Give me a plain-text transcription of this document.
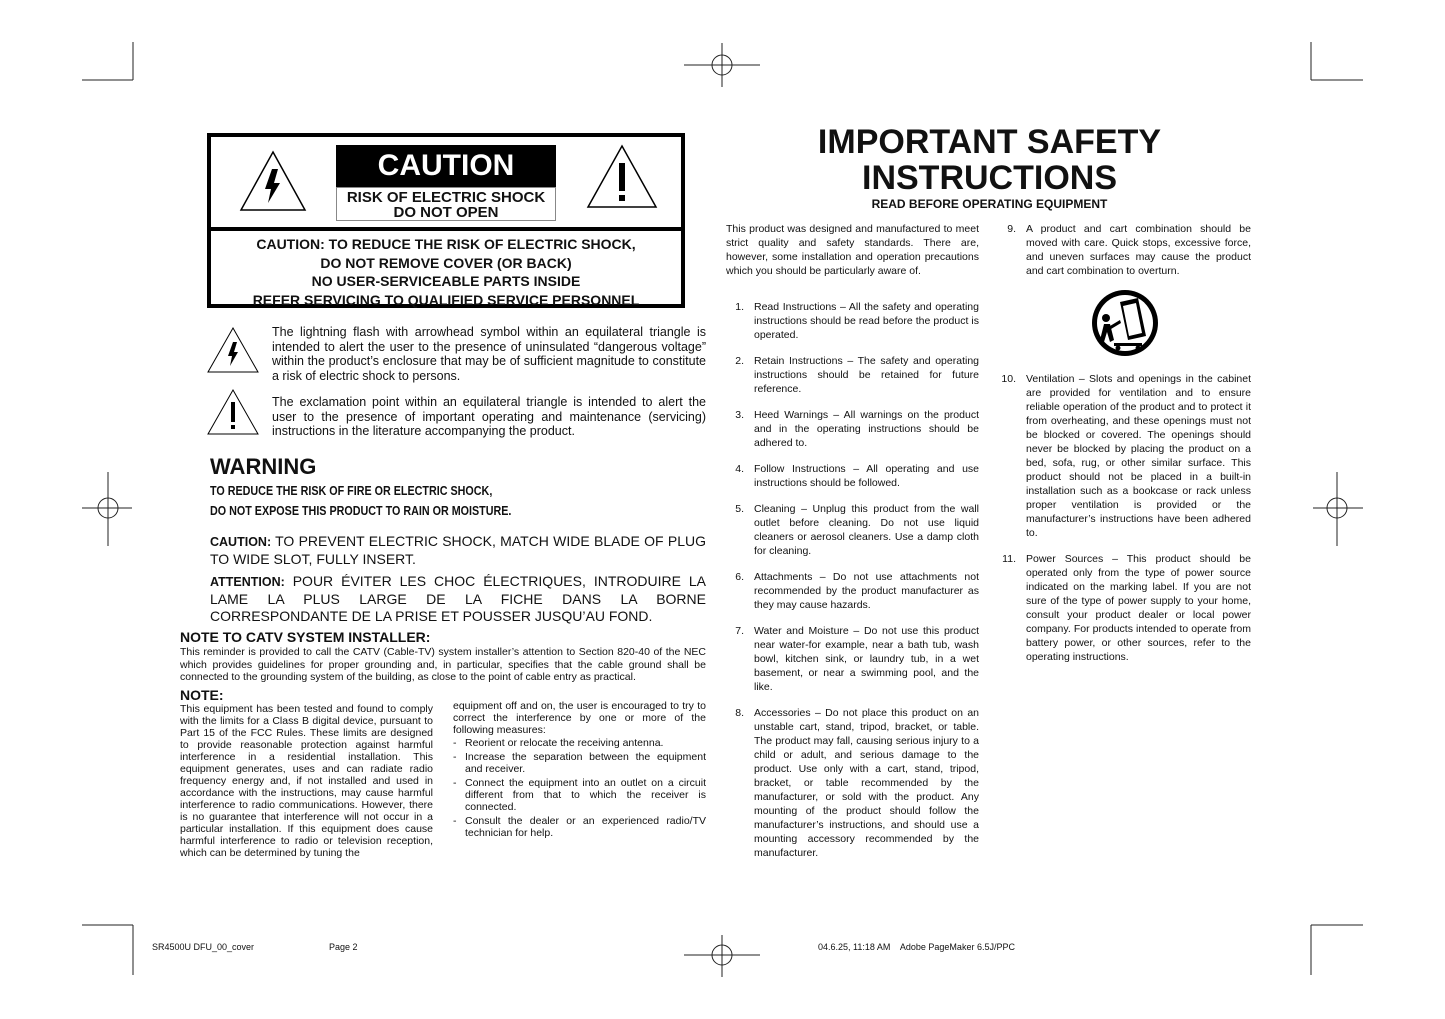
CAUTION
RISK OF ELECTRIC SHOCK
DO NOT OPEN
CAUTION: TO REDUCE THE RISK OF ELECTRIC SHOCK,
DO NOT REMOVE COVER (OR BACK)
NO USER-SERVICEABLE PARTS INSIDE
REFER SERVICING TO QUALIFIED SERVICE PERSONNEL
The lightning flash with arrowhead symbol within an equilateral triangle is intended to alert the user to the presence of uninsulated “dangerous voltage” within the product’s enclosure that may be of sufficient magnitude to constitute a risk of electric shock to persons.
The exclamation point within an equilateral triangle is intended to alert the user to the presence of important operating and maintenance (servicing) instructions in the literature accompanying the product.
WARNING
TO REDUCE THE RISK OF FIRE OR ELECTRIC SHOCK,
DO NOT EXPOSE THIS PRODUCT TO RAIN OR MOISTURE.
CAUTION: TO PREVENT ELECTRIC SHOCK, MATCH WIDE BLADE OF PLUG TO WIDE SLOT, FULLY INSERT.
ATTENTION: POUR ÉVITER LES CHOC ÉLECTRIQUES, INTRODUIRE LA LAME LA PLUS LARGE DE LA FICHE DANS LA BORNE CORRESPONDANTE DE LA PRISE ET POUSSER JUSQU’AU FOND.
NOTE TO CATV SYSTEM INSTALLER:
This reminder is provided to call the CATV (Cable-TV) system installer’s attention to Section 820-40 of the NEC which provides guidelines for proper grounding and, in particular, specifies that the cable ground shall be connected to the grounding system of the building, as close to the point of cable entry as practical.
NOTE:
This equipment has been tested and found to comply with the limits for a Class B digital device, pursuant to Part 15 of the FCC Rules. These limits are designed to provide reasonable protection against harmful interference in a residential installation. This equipment generates, uses and can radiate radio frequency energy and, if not installed and used in accordance with the instructions, may cause harmful interference to radio communications. However, there is no guarantee that interference will not occur in a particular installation. If this equipment does cause harmful interference to radio or television reception, which can be determined by tuning the
equipment off and on, the user is encouraged to try to correct the interference by one or more of the following measures:
- Reorient or relocate the receiving antenna.
- Increase the separation between the equipment and receiver.
- Connect the equipment into an outlet on a circuit different from that to which the receiver is connected.
- Consult the dealer or an experienced radio/TV technician for help.
IMPORTANT SAFETY
INSTRUCTIONS
READ BEFORE OPERATING EQUIPMENT
This product was designed and manufactured to meet strict quality and safety standards. There are, however, some installation and operation precautions which you should be particularly aware of.
1. Read Instructions – All the safety and operating instructions should be read before the product is operated.
2. Retain Instructions – The safety and operating instructions should be retained for future reference.
3. Heed Warnings – All warnings on the product and in the operating instructions should be adhered to.
4. Follow Instructions – All operating and use instructions should be followed.
5. Cleaning – Unplug this product from the wall outlet before cleaning. Do not use liquid cleaners or aerosol cleaners. Use a damp cloth for cleaning.
6. Attachments – Do not use attachments not recommended by the product manufacturer as they may cause hazards.
7. Water and Moisture – Do not use this product near water-for example, near a bath tub, wash bowl, kitchen sink, or laundry tub, in a wet basement, or near a swimming pool, and the like.
8. Accessories – Do not place this product on an unstable cart, stand, tripod, bracket, or table. The product may fall, causing serious injury to a child or adult, and serious damage to the product. Use only with a cart, stand, tripod, bracket, or table recommended by the manufacturer, or sold with the product. Any mounting of the product should follow the manufacturer’s instructions, and should use a mounting accessory recommended by the manufacturer.
9. A product and cart combination should be moved with care. Quick stops, excessive force, and uneven surfaces may cause the product and cart combination to overturn.
10. Ventilation – Slots and openings in the cabinet are provided for ventilation and to ensure reliable operation of the product and to protect it from overheating, and these openings must not be blocked or covered. The openings should never be blocked by placing the product on a bed, sofa, rug, or other similar surface. This product should not be placed in a built-in installation such as a bookcase or rack unless proper ventilation is provided or the manufacturer’s instructions have been adhered to.
11. Power Sources – This product should be operated only from the type of power source indicated on the marking label. If you are not sure of the type of power supply to your home, consult your product dealer or local power company. For products intended to operate from battery power, or other sources, refer to the operating instructions.
SR4500U DFU_00_cover	Page 2	04.6.25, 11:18 AM    Adobe PageMaker 6.5J/PPC
